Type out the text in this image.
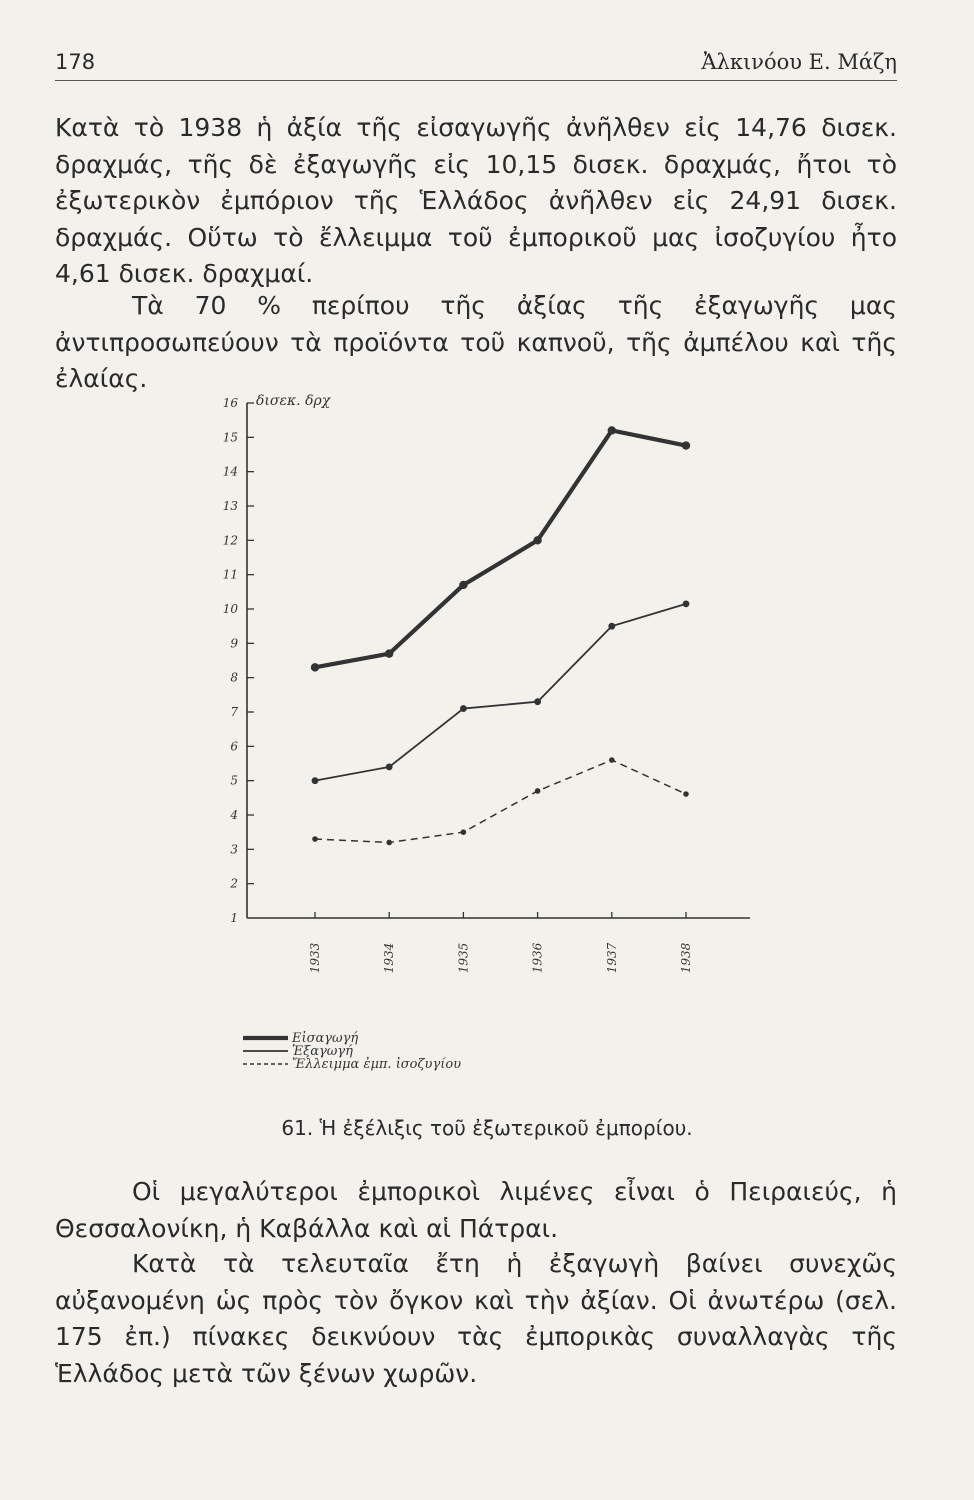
178	Ἀλκινόου Ε. Μάζη

Κατὰ τὸ 1938 ἡ ἀξία τῆς εἰσαγωγῆς ἀνῆλθεν εἰς 14,76 δισεκ. δραχμάς, τῆς δὲ ἐξαγωγῆς εἰς 10,15 δισεκ. δραχμάς, ἤτοι τὸ ἐξωτερικὸν ἐμπόριον τῆς Ἑλλάδος ἀνῆλθεν εἰς 24,91 δισεκ. δραχμάς. Οὕτω τὸ ἔλλειμμα τοῦ ἐμπορικοῦ μας ἰσοζυγίου ἦτο 4,61 δισεκ. δραχμαί.

Τὰ 70 % περίπου τῆς ἀξίας τῆς ἐξαγωγῆς μας ἀντιπροσωπεύουν τὰ προϊόντα τοῦ καπνοῦ, τῆς ἀμπέλου καὶ τῆς ἐλαίας.

1
2
3
4
5
6
7
8
9
10
11
12
13
14
15
16
1933	1934	1935	1936	1937	1938
δισεκ. δρχ
Εἰσαγωγή
Ἐξαγωγή
Ἔλλειμμα ἐμπ. ἰσοζυγίου
61. Ἡ ἐξέλιξις τοῦ ἐξωτερικοῦ ἐμπορίου.

Οἱ μεγαλύτεροι ἐμπορικοὶ λιμένες εἶναι ὁ Πειραιεύς, ἡ Θεσσαλονίκη, ἡ Καβάλλα καὶ αἱ Πάτραι.

Κατὰ τὰ τελευταῖα ἔτη ἡ ἐξαγωγὴ βαίνει συνεχῶς αὐξανομένη ὡς πρὸς τὸν ὄγκον καὶ τὴν ἀξίαν. Οἱ ἀνωτέρω (σελ. 175 ἐπ.) πίνακες δεικνύουν τὰς ἐμπορικὰς συναλλαγὰς τῆς Ἑλλάδος μετὰ τῶν ξένων χωρῶν.
